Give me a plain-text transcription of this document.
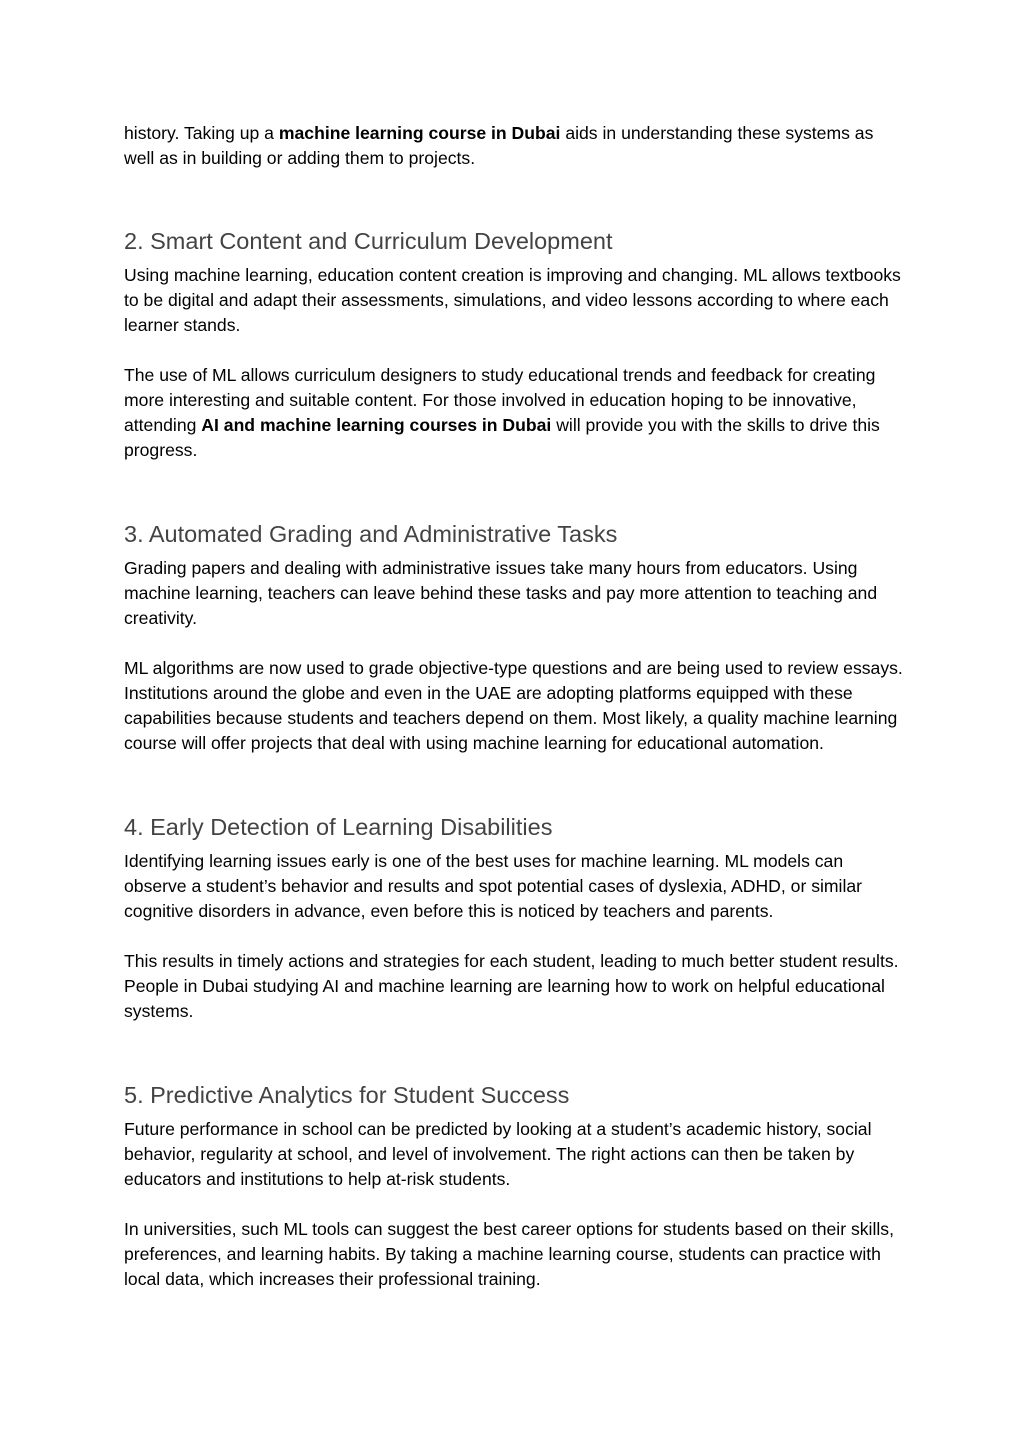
history. Taking up a machine learning course in Dubai aids in understanding these systems as well as in building or adding them to projects.

2. Smart Content and Curriculum Development

Using machine learning, education content creation is improving and changing. ML allows textbooks to be digital and adapt their assessments, simulations, and video lessons according to where each learner stands.

The use of ML allows curriculum designers to study educational trends and feedback for creating more interesting and suitable content. For those involved in education hoping to be innovative, attending AI and machine learning courses in Dubai will provide you with the skills to drive this progress.

3. Automated Grading and Administrative Tasks

Grading papers and dealing with administrative issues take many hours from educators. Using machine learning, teachers can leave behind these tasks and pay more attention to teaching and creativity.

ML algorithms are now used to grade objective-type questions and are being used to review essays. Institutions around the globe and even in the UAE are adopting platforms equipped with these capabilities because students and teachers depend on them. Most likely, a quality machine learning course will offer projects that deal with using machine learning for educational automation.

4. Early Detection of Learning Disabilities

Identifying learning issues early is one of the best uses for machine learning. ML models can observe a student’s behavior and results and spot potential cases of dyslexia, ADHD, or similar cognitive disorders in advance, even before this is noticed by teachers and parents.

This results in timely actions and strategies for each student, leading to much better student results. People in Dubai studying AI and machine learning are learning how to work on helpful educational systems.

5. Predictive Analytics for Student Success

Future performance in school can be predicted by looking at a student’s academic history, social behavior, regularity at school, and level of involvement. The right actions can then be taken by educators and institutions to help at-risk students.

In universities, such ML tools can suggest the best career options for students based on their skills, preferences, and learning habits. By taking a machine learning course, students can practice with local data, which increases their professional training.
